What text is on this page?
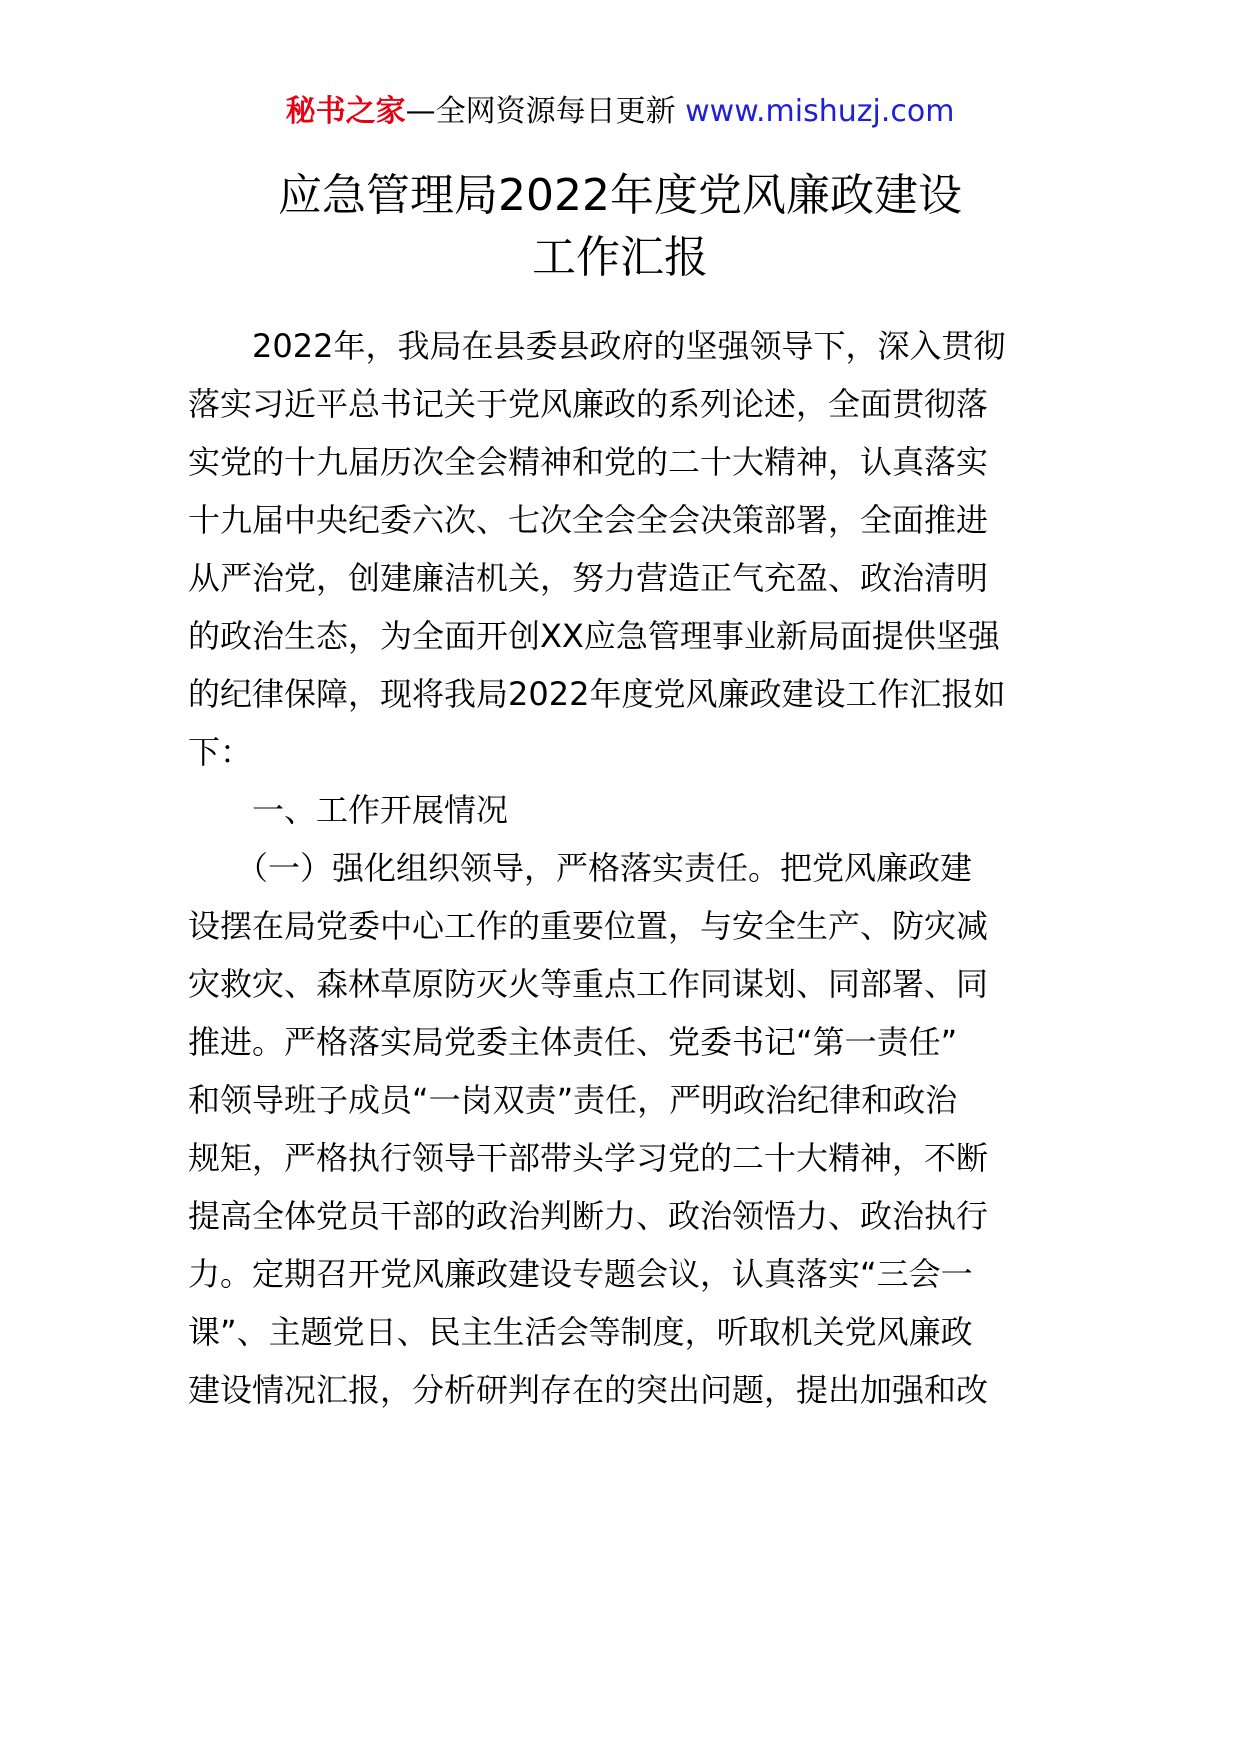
秘书之家—全网资源每日更新 www.mishuzj.com
应急管理局2022年度党风廉政建设
工作汇报
　　2022年，我局在县委县政府的坚强领导下，深入贯彻
落实习近平总书记关于党风廉政的系列论述，全面贯彻落
实党的十九届历次全会精神和党的二十大精神，认真落实
十九届中央纪委六次、七次全会全会决策部署，全面推进
从严治党，创建廉洁机关，努力营造正气充盈、政治清明
的政治生态，为全面开创XX应急管理事业新局面提供坚强
的纪律保障，现将我局2022年度党风廉政建设工作汇报如
下：
　　一、工作开展情况
　　（一）强化组织领导，严格落实责任。把党风廉政建
设摆在局党委中心工作的重要位置，与安全生产、防灾减
灾救灾、森林草原防灭火等重点工作同谋划、同部署、同
推进。严格落实局党委主体责任、党委书记“第一责任”
和领导班子成员“一岗双责”责任，严明政治纪律和政治
规矩，严格执行领导干部带头学习党的二十大精神，不断
提高全体党员干部的政治判断力、政治领悟力、政治执行
力。定期召开党风廉政建设专题会议，认真落实“三会一
课”、主题党日、民主生活会等制度，听取机关党风廉政
建设情况汇报，分析研判存在的突出问题，提出加强和改
